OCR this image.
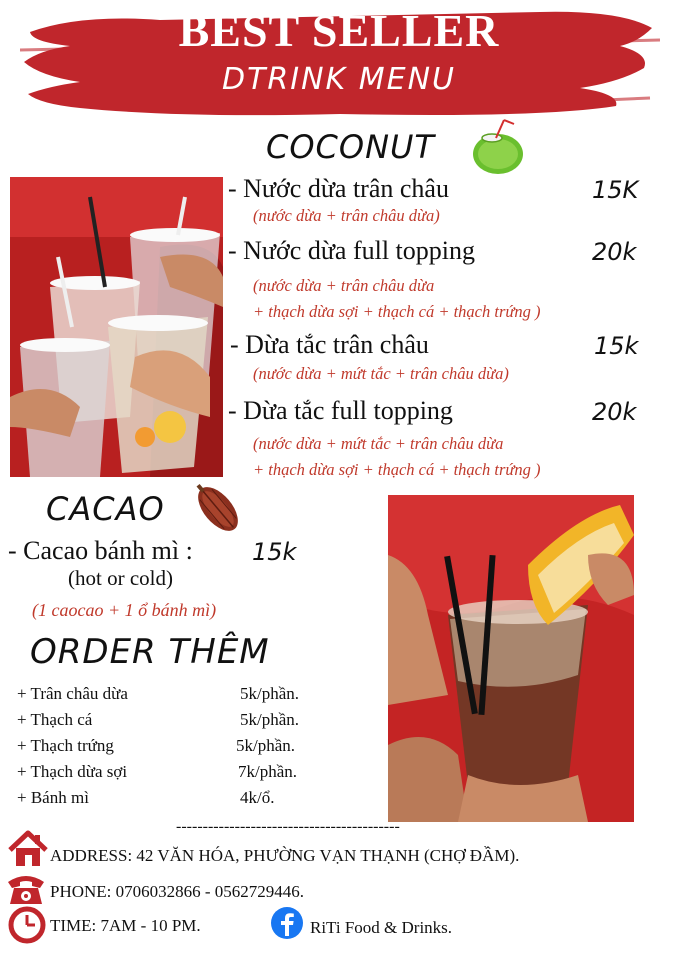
BEST SELLER
DTRINK MENU
COCONUT
- Nước dừa trân châu	15K
(nước dừa + trân châu dừa)
- Nước dừa full topping	20k
(nước dừa + trân châu dừa
+ thạch dừa sợi + thạch cá + thạch trứng )
- Dừa tắc trân châu	15k
(nước dừa + mứt tắc + trân châu dừa)
- Dừa tắc full topping	20k
(nước dừa + mứt tắc + trân châu dừa
+ thạch dừa sợi + thạch cá + thạch trứng )
CACAO
- Cacao bánh mì : 15k
(hot or cold)
(1 caocao + 1 ổ bánh mì)
ORDER THÊM
+ Trân châu dừa	5k/phần.
+ Thạch cá	5k/phần.
+ Thạch trứng	5k/phần.
+ Thạch dừa sợi	7k/phần.
+ Bánh mì	4k/ổ.
------------------------------------------
ADDRESS: 42 VĂN HÓA, PHƯỜNG VẠN THẠNH (CHỢ ĐẦM).
PHONE: 0706032866 - 0562729446.
TIME: 7AM - 10 PM.	RiTi Food & Drinks.
